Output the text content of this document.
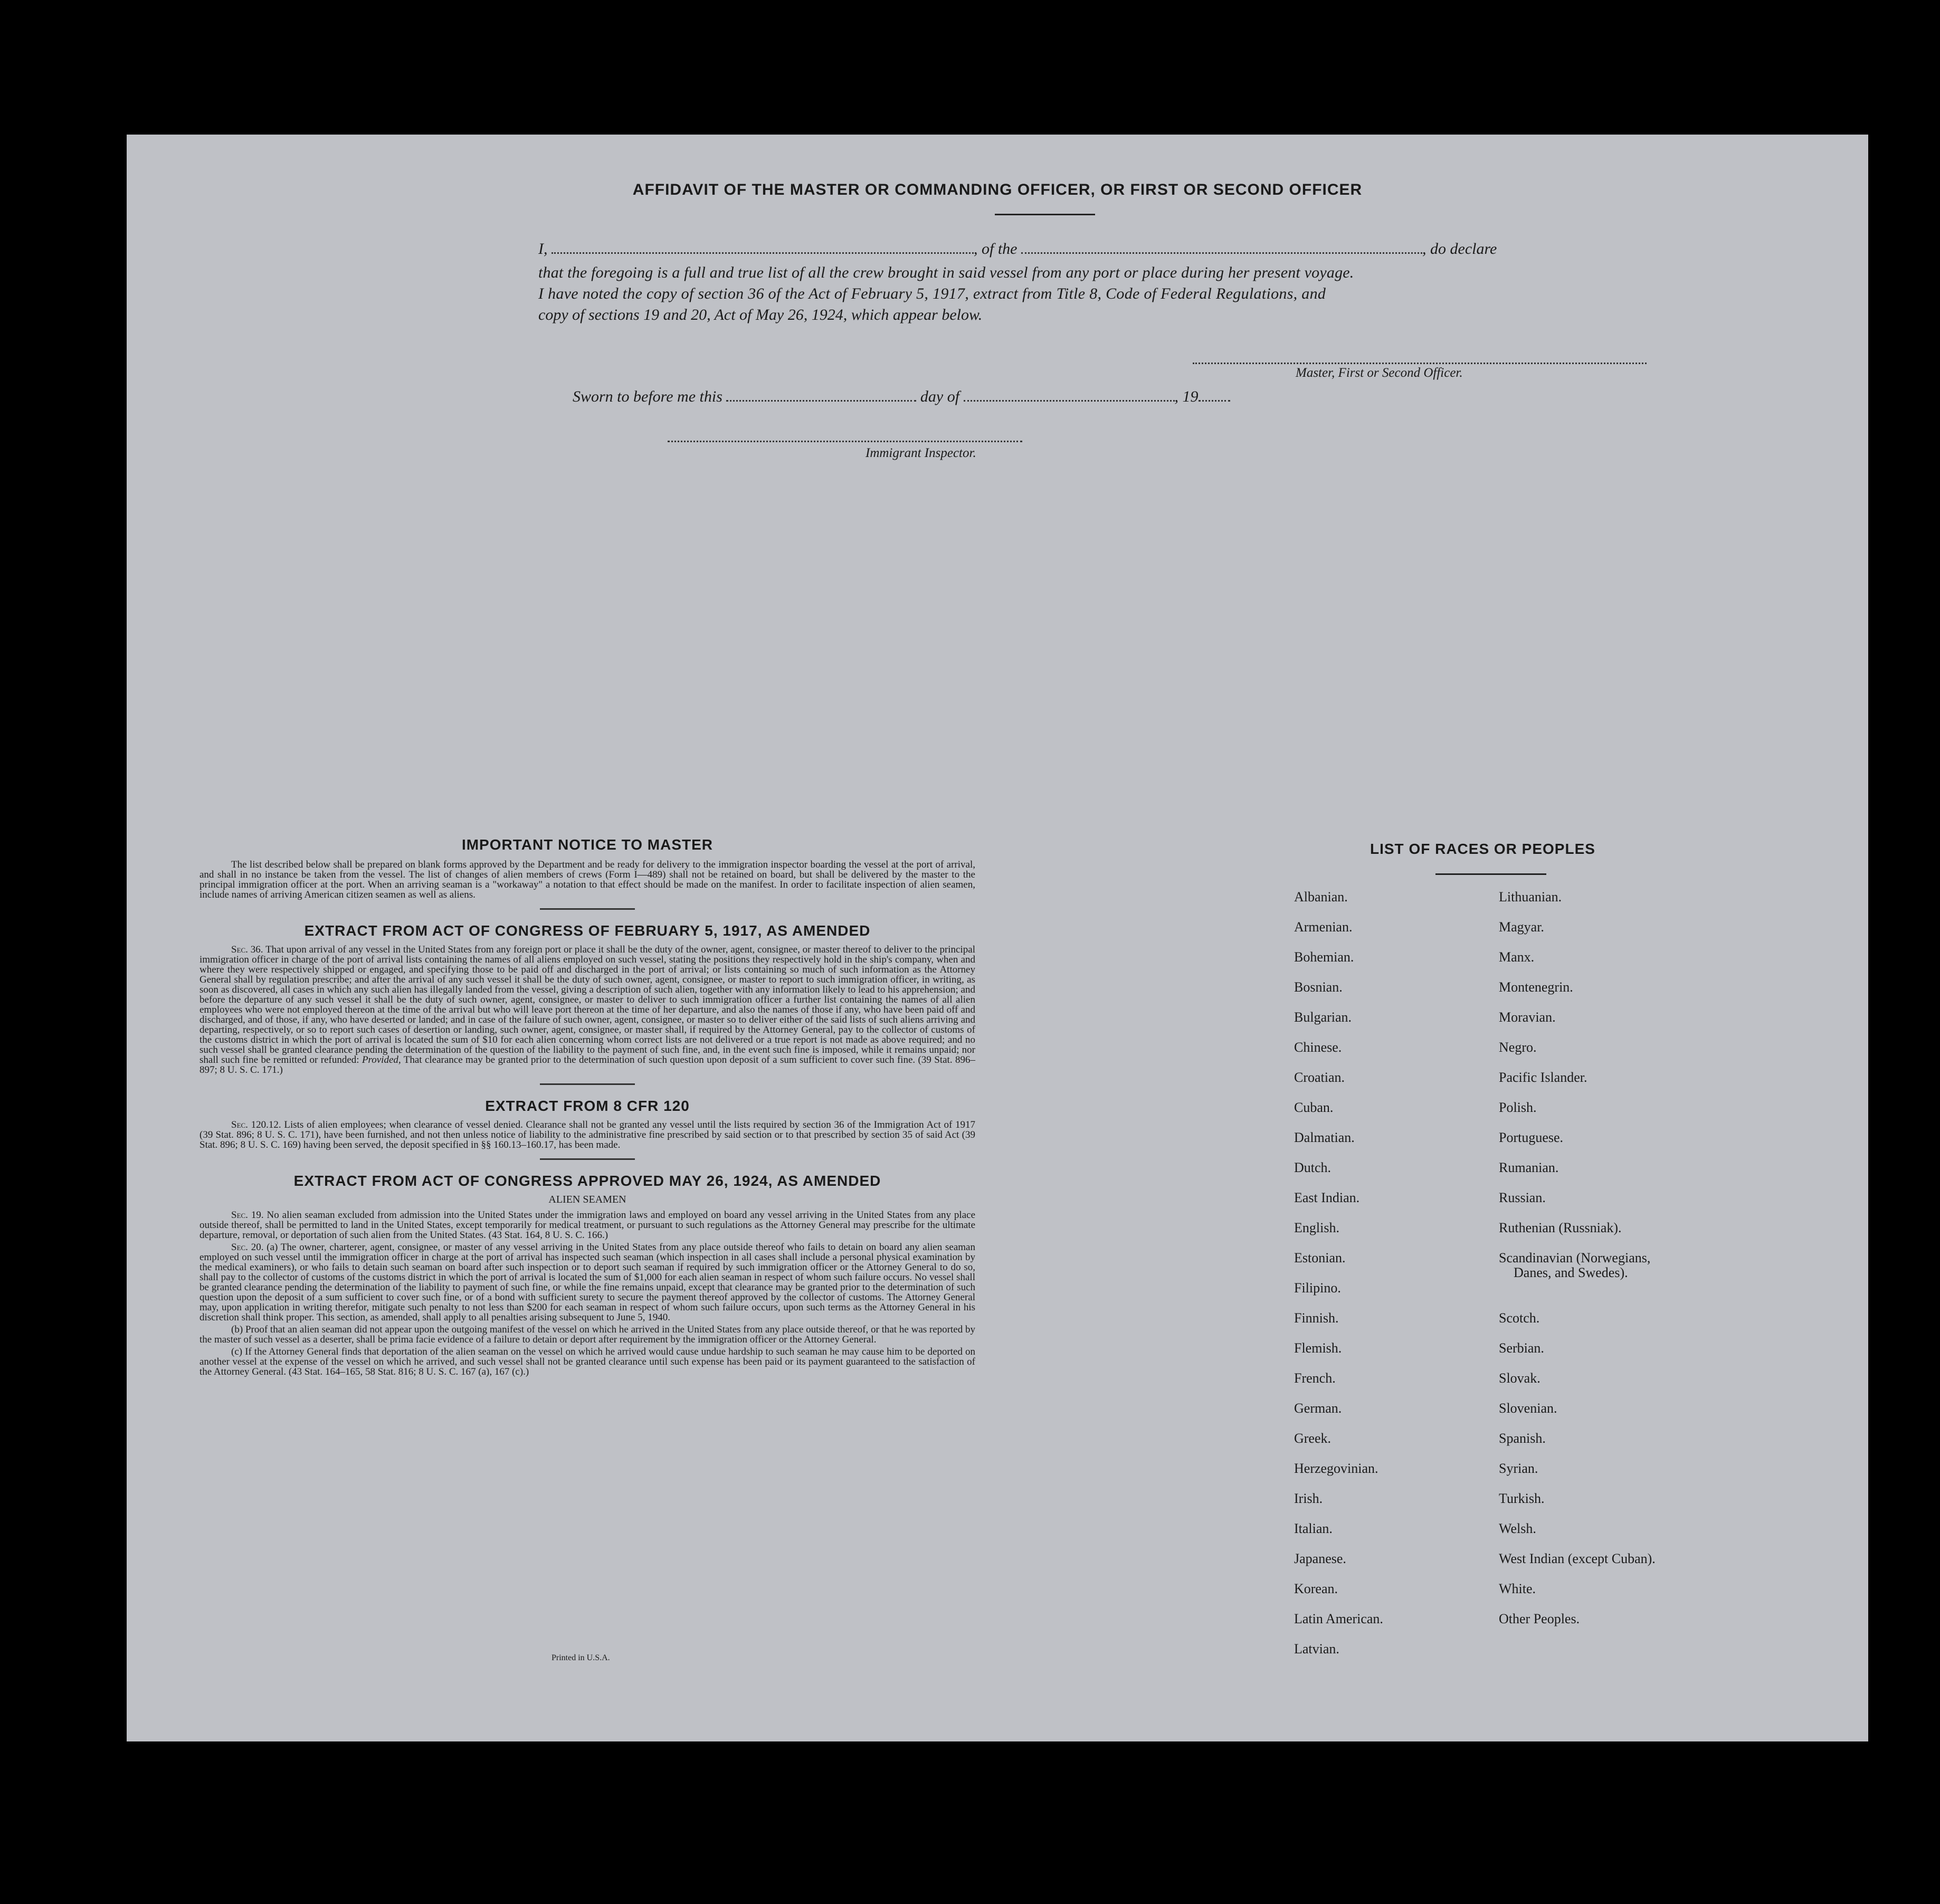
AFFIDAVIT OF THE MASTER OR COMMANDING OFFICER, OR FIRST OR SECOND OFFICER
I,	, of the	, do declare
that the foregoing is a full and true list of all the crew brought in said vessel from any port or place during her present voyage.
I have noted the copy of section 36 of the Act of February 5, 1917, extract from Title 8, Code of Federal Regulations, and
copy of sections 19 and 20, Act of May 26, 1924, which appear below.
Master, First or Second Officer.
Sworn to before me this	day of	, 19
Immigrant Inspector.
IMPORTANT NOTICE TO MASTER

The list described below shall be prepared on blank forms approved by the Department and be ready for delivery to the immigration inspector boarding the vessel at the port of arrival, and shall in no instance be taken from the vessel. The list of changes of alien members of crews (Form I—489) shall not be retained on board, but shall be delivered by the master to the principal immigration officer at the port. When an arriving seaman is a "workaway" a notation to that effect should be made on the manifest. In order to facilitate inspection of alien seamen, include names of arriving American citizen seamen as well as aliens.

EXTRACT FROM ACT OF CONGRESS OF FEBRUARY 5, 1917, AS AMENDED

Sec. 36. That upon arrival of any vessel in the United States from any foreign port or place it shall be the duty of the owner, agent, consignee, or master thereof to deliver to the principal immigration officer in charge of the port of arrival lists containing the names of all aliens employed on such vessel, stating the positions they respectively hold in the ship's company, when and where they were respectively shipped or engaged, and specifying those to be paid off and discharged in the port of arrival; or lists containing so much of such information as the Attorney General shall by regulation prescribe; and after the arrival of any such vessel it shall be the duty of such owner, agent, consignee, or master to report to such immigration officer, in writing, as soon as discovered, all cases in which any such alien has illegally landed from the vessel, giving a description of such alien, together with any information likely to lead to his apprehension; and before the departure of any such vessel it shall be the duty of such owner, agent, consignee, or master to deliver to such immigration officer a further list containing the names of all alien employees who were not employed thereon at the time of the arrival but who will leave port thereon at the time of her departure, and also the names of those if any, who have been paid off and discharged, and of those, if any, who have deserted or landed; and in case of the failure of such owner, agent, consignee, or master so to deliver either of the said lists of such aliens arriving and departing, respectively, or so to report such cases of desertion or landing, such owner, agent, consignee, or master shall, if required by the Attorney General, pay to the collector of customs of the customs district in which the port of arrival is located the sum of $10 for each alien concerning whom correct lists are not delivered or a true report is not made as above required; and no such vessel shall be granted clearance pending the determination of the question of the liability to the payment of such fine, and, in the event such fine is imposed, while it remains unpaid; nor shall such fine be remitted or refunded: Provided, That clearance may be granted prior to the determination of such question upon deposit of a sum sufficient to cover such fine. (39 Stat. 896–897; 8 U. S. C. 171.)

EXTRACT FROM 8 CFR 120

Sec. 120.12. Lists of alien employees; when clearance of vessel denied. Clearance shall not be granted any vessel until the lists required by section 36 of the Immigration Act of 1917 (39 Stat. 896; 8 U. S. C. 171), have been furnished, and not then unless notice of liability to the administrative fine prescribed by said section or to that prescribed by section 35 of said Act (39 Stat. 896; 8 U. S. C. 169) having been served, the deposit specified in §§ 160.13–160.17, has been made.

EXTRACT FROM ACT OF CONGRESS APPROVED MAY 26, 1924, AS AMENDED
ALIEN SEAMEN

Sec. 19. No alien seaman excluded from admission into the United States under the immigration laws and employed on board any vessel arriving in the United States from any place outside thereof, shall be permitted to land in the United States, except temporarily for medical treatment, or pursuant to such regulations as the Attorney General may prescribe for the ultimate departure, removal, or deportation of such alien from the United States. (43 Stat. 164, 8 U. S. C. 166.)

Sec. 20. (a) The owner, charterer, agent, consignee, or master of any vessel arriving in the United States from any place outside thereof who fails to detain on board any alien seaman employed on such vessel until the immigration officer in charge at the port of arrival has inspected such seaman (which inspection in all cases shall include a personal physical examination by the medical examiners), or who fails to detain such seaman on board after such inspection or to deport such seaman if required by such immigration officer or the Attorney General to do so, shall pay to the collector of customs of the customs district in which the port of arrival is located the sum of $1,000 for each alien seaman in respect of whom such failure occurs. No vessel shall be granted clearance pending the determination of the liability to payment of such fine, or while the fine remains unpaid, except that clearance may be granted prior to the determination of such question upon the deposit of a sum sufficient to cover such fine, or of a bond with sufficient surety to secure the payment thereof approved by the collector of customs. The Attorney General may, upon application in writing therefor, mitigate such penalty to not less than $200 for each seaman in respect of whom such failure occurs, upon such terms as the Attorney General in his discretion shall think proper. This section, as amended, shall apply to all penalties arising subsequent to June 5, 1940.

(b) Proof that an alien seaman did not appear upon the outgoing manifest of the vessel on which he arrived in the United States from any place outside thereof, or that he was reported by the master of such vessel as a deserter, shall be prima facie evidence of a failure to detain or deport after requirement by the immigration officer or the Attorney General.

(c) If the Attorney General finds that deportation of the alien seaman on the vessel on which he arrived would cause undue hardship to such seaman he may cause him to be deported on another vessel at the expense of the vessel on which he arrived, and such vessel shall not be granted clearance until such expense has been paid or its payment guaranteed to the satisfaction of the Attorney General. (43 Stat. 164–165, 58 Stat. 816; 8 U. S. C. 167 (a), 167 (c).)

Printed in U.S.A.
LIST OF RACES OR PEOPLES
Albanian.
Armenian.
Bohemian.
Bosnian.
Bulgarian.
Chinese.
Croatian.
Cuban.
Dalmatian.
Dutch.
East Indian.
English.
Estonian.
Filipino.
Finnish.
Flemish.
French.
German.
Greek.
Herzegovinian.
Irish.
Italian.
Japanese.
Korean.
Latin American.
Latvian.
Lithuanian.
Magyar.
Manx.
Montenegrin.
Moravian.
Negro.
Pacific Islander.
Polish.
Portuguese.
Rumanian.
Russian.
Ruthenian (Russniak).
Scandinavian (Norwegians,
Danes, and Swedes).
Scotch.
Serbian.
Slovak.
Slovenian.
Spanish.
Syrian.
Turkish.
Welsh.
West Indian (except Cuban).
White.
Other Peoples.
